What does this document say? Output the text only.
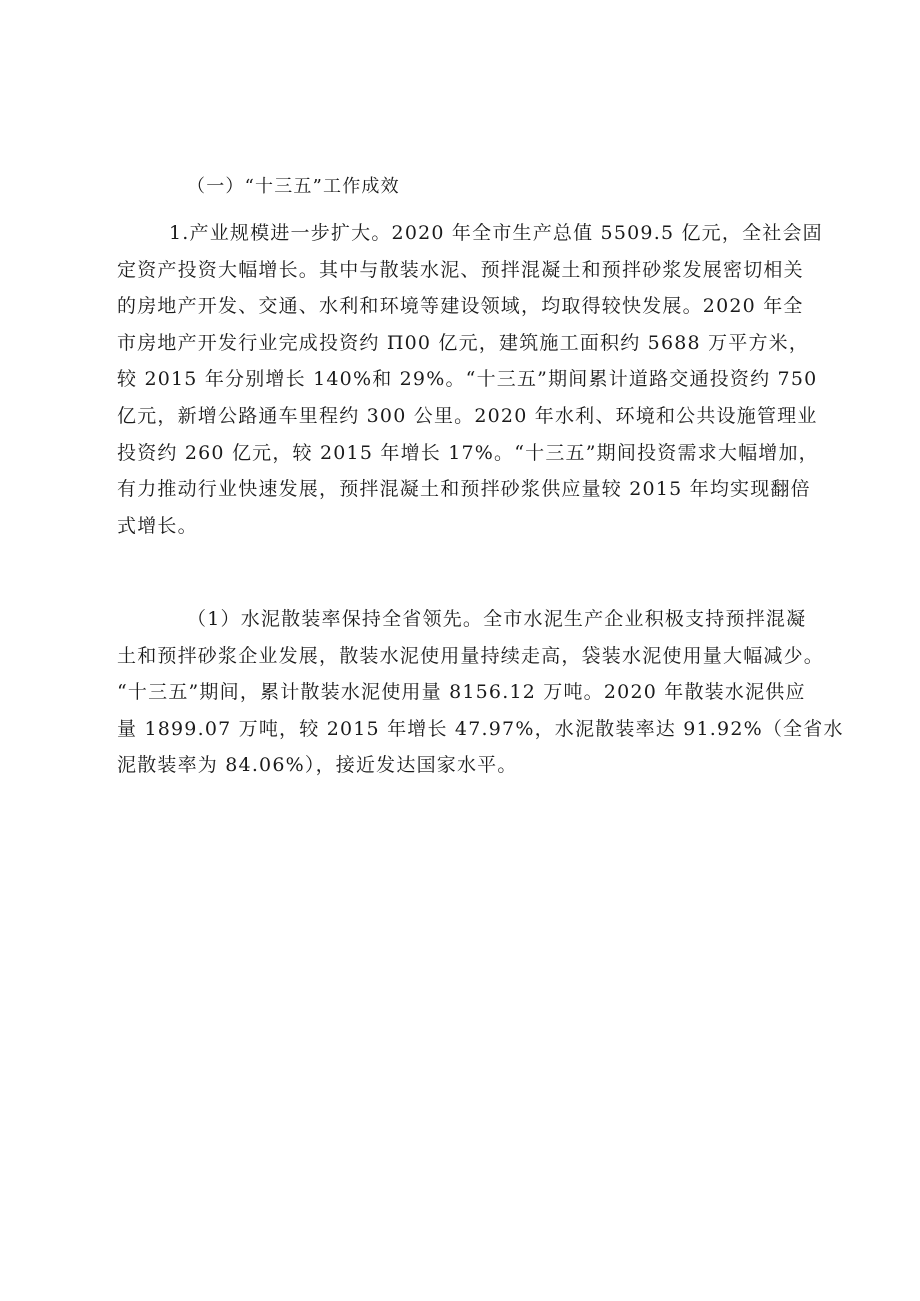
（一）“十三五”工作成效
1.产业规模进一步扩大。2020 年全市生产总值 5509.5 亿元，全社会固
定资产投资大幅增长。其中与散装水泥、预拌混凝土和预拌砂浆发展密切相关
的房地产开发、交通、水利和环境等建设领域，均取得较快发展。2020 年全
市房地产开发行业完成投资约 Π00 亿元，建筑施工面积约 5688 万平方米，
较 2015 年分别增长 140%和 29%。“十三五”期间累计道路交通投资约 750
亿元，新增公路通车里程约 300 公里。2020 年水利、环境和公共设施管理业
投资约 260 亿元，较 2015 年增长 17%。“十三五”期间投资需求大幅增加，
有力推动行业快速发展，预拌混凝土和预拌砂浆供应量较 2015 年均实现翻倍
式增长。
（1）水泥散装率保持全省领先。全市水泥生产企业积极支持预拌混凝
土和预拌砂浆企业发展，散装水泥使用量持续走高，袋装水泥使用量大幅减少。
“十三五”期间，累计散装水泥使用量 8156.12 万吨。2020 年散装水泥供应
量 1899.07 万吨，较 2015 年增长 47.97%，水泥散装率达 91.92%（全省水
泥散装率为 84.06%），接近发达国家水平。
